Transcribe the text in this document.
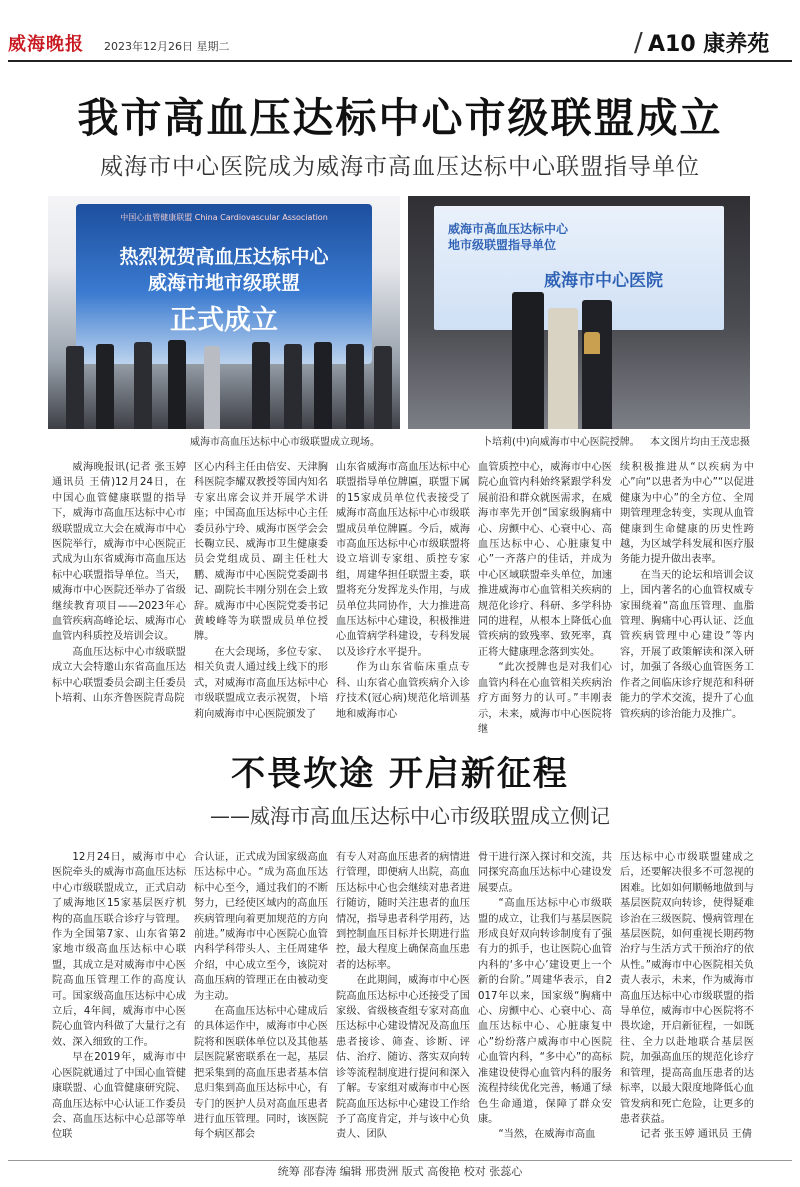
威海晚报 2023年12月26日 星期二	/ A10 康养苑
我市高血压达标中心市级联盟成立
威海市中心医院成为威海市高血压达标中心联盟指导单位
中国心血管健康联盟 China Cardiovascular Association
热烈祝贺高血压达标中心
威海市地市级联盟
正式成立
威海市高血压达标中心
地市级联盟指导单位
威海市中心医院
威海市高血压达标中心市级联盟成立现场。	卜培莉(中)向威海市中心医院授牌。 本文图片均由王茂忠摄

威海晚报讯(记者 张玉婷 通讯员 王倩)12月24日，在中国心血管健康联盟的指导下，威海市高血压达标中心市级联盟成立大会在威海市中心医院举行，威海市中心医院正式成为山东省威海市高血压达标中心联盟指导单位。当天，威海市中心医院还举办了省级继续教育项目——2023年心血管疾病高峰论坛、威海市心血管内科质控及培训会议。

高血压达标中心市级联盟成立大会特邀山东省高血压达标中心联盟委员会副主任委员卜培莉、山东齐鲁医院青岛院

区心内科主任由倍安、天津胸科医院李耀双教授等国内知名专家出席会议并开展学术讲座；中国高血压达标中心主任委员孙宁玲、威海市医学会会长鞠立民、威海市卫生健康委员会党组成员、副主任杜大鹏、威海市中心医院党委副书记、副院长丰刚分别在会上致辞。威海市中心医院党委书记黄峻峰等为联盟成员单位授牌。

在大会现场，多位专家、相关负责人通过线上线下的形式，对威海市高血压达标中心市级联盟成立表示祝贺，卜培莉向威海市中心医院颁发了

山东省威海市高血压达标中心联盟指导单位牌匾，联盟下属的15家成员单位代表接受了威海市高血压达标中心市级联盟成员单位牌匾。今后，威海市高血压达标中心市级联盟将设立培训专家组、质控专家组，周建华担任联盟主委，联盟将充分发挥龙头作用，与成员单位共同协作，大力推进高血压达标中心建设，积极推进心血管病学科建设，专科发展以及诊疗水平提升。

作为山东省临床重点专科、山东省心血管疾病介入诊疗技术(冠心病)规范化培训基地和威海市心

血管质控中心，威海市中心医院心血管内科始终紧跟学科发展前沿和群众就医需求，在威海市率先开创“国家级胸痛中心、房颤中心、心衰中心、高血压达标中心、心脏康复中心”一齐落户的佳话，并成为中心区域联盟牵头单位，加速推进威海市心血管相关疾病的规范化诊疗、科研、多学科协同的进程，从根本上降低心血管疾病的致残率、致死率，真正将大健康理念落到实处。

“此次授牌也是对我们心血管内科在心血管相关疾病治疗方面努力的认可。”丰刚表示，未来，威海市中心医院将继

续积极推进从“以疾病为中心”向“以患者为中心”“以促进健康为中心”的全方位、全周期管理理念转变，实现从血管健康到生命健康的历史性跨越，为区域学科发展和医疗服务能力提升做出表率。

在当天的论坛和培训会议上，国内著名的心血管权威专家围绕着“高血压管理、血脂管理、胸痛中心再认证、泛血管疾病管理中心建设”等内容，开展了政策解读和深入研讨，加强了各级心血管医务工作者之间临床诊疗规范和科研能力的学术交流，提升了心血管疾病的诊治能力及推广。

不畏坎途 开启新征程
——威海市高血压达标中心市级联盟成立侧记

12月24日，威海市中心医院牵头的威海市高血压达标中心市级联盟成立，正式启动了威海地区15家基层医疗机构的高血压联合诊疗与管理。作为全国第7家、山东省第2家地市级高血压达标中心联盟，其成立是对威海市中心医院高血压管理工作的高度认可。国家级高血压达标中心成立后，4年间，威海市中心医院心血管内科做了大量行之有效、深入细致的工作。

早在2019年，威海市中心医院就通过了中国心血管健康联盟、心血管健康研究院、高血压达标中心认证工作委员会、高血压达标中心总部等单位联

合认证，正式成为国家级高血压达标中心。“成为高血压达标中心至今，通过我们的不断努力，已经使区域内的高血压疾病管理向着更加规范的方向前进。”威海市中心医院心血管内科学科带头人、主任周建华介绍，中心成立至今，该院对高血压病的管理正在由被动变为主动。

在高血压达标中心建成后的具体运作中，威海市中心医院将和医联体单位以及其他基层医院紧密联系在一起，基层把采集到的高血压患者基本信息归集到高血压达标中心，有专门的医护人员对高血压患者进行血压管理。同时，该医院每个病区都会

有专人对高血压患者的病情进行管理，即便病人出院，高血压达标中心也会继续对患者进行随访，随时关注患者的血压情况，指导患者科学用药，达到控制血压目标并长期进行监控，最大程度上确保高血压患者的达标率。

在此期间，威海市中心医院高血压达标中心还接受了国家级、省级核查组专家对高血压达标中心建设情况及高血压患者接诊、筛查、诊断、评估、治疗、随访、落实双向转诊等流程制度进行提问和深入了解。专家组对威海市中心医院高血压达标中心建设工作给予了高度肯定，并与该中心负责人、团队

骨干进行深入探讨和交流，共同探究高血压达标中心建设发展要点。

“高血压达标中心市级联盟的成立，让我们与基层医院形成良好双向转诊制度有了强有力的抓手，也让医院心血管内科的‘多中心’建设更上一个新的台阶。”周建华表示，自2017年以来，国家级“胸痛中心、房颤中心、心衰中心、高血压达标中心、心脏康复中心”纷纷落户威海市中心医院心血管内科，“多中心”的高标准建设使得心血管内科的服务流程持续优化完善，畅通了绿色生命通道，保障了群众安康。

“当然，在威海市高血

压达标中心市级联盟建成之后，还要解决很多不可忽视的困难。比如如何顺畅地做到与基层医院双向转诊，使得疑难诊治在三级医院、慢病管理在基层医院，如何重视长期药物治疗与生活方式干预治疗的依从性。”威海市中心医院相关负责人表示，未来，作为威海市高血压达标中心市级联盟的指导单位，威海市中心医院将不畏坎途，开启新征程，一如既往、全力以赴地联合基层医院，加强高血压的规范化诊疗和管理，提高高血压患者的达标率，以最大限度地降低心血管发病和死亡危险，让更多的患者获益。

记者 张玉婷 通讯员 王倩

统筹 邵春涛 编辑 邢贵洲 版式 高俊艳 校对 张蕊心
